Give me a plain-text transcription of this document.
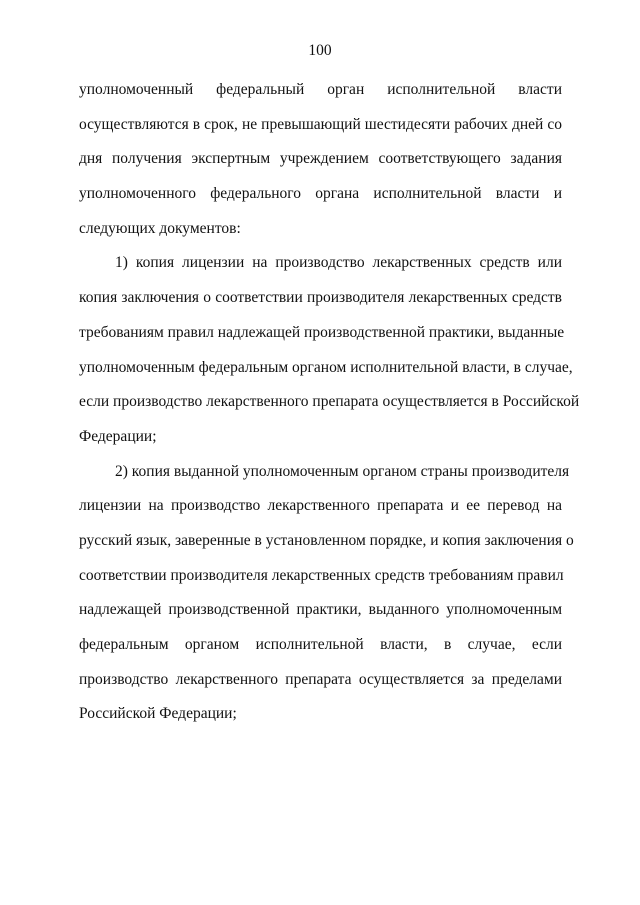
100
уполномоченный федеральный орган исполнительной власти
осуществляются в срок, не превышающий шестидесяти рабочих дней со
дня получения экспертным учреждением соответствующего задания
уполномоченного федерального органа исполнительной власти и
следующих документов:
1) копия лицензии на производство лекарственных средств или
копия заключения о соответствии производителя лекарственных средств
требованиям правил надлежащей производственной практики, выданные
уполномоченным федеральным органом исполнительной власти, в случае,
если производство лекарственного препарата осуществляется в Российской
Федерации;
2) копия выданной уполномоченным органом страны производителя
лицензии на производство лекарственного препарата и ее перевод на
русский язык, заверенные в установленном порядке, и копия заключения о
соответствии производителя лекарственных средств требованиям правил
надлежащей производственной практики, выданного уполномоченным
федеральным органом исполнительной власти, в случае, если
производство лекарственного препарата осуществляется за пределами
Российской Федерации;
